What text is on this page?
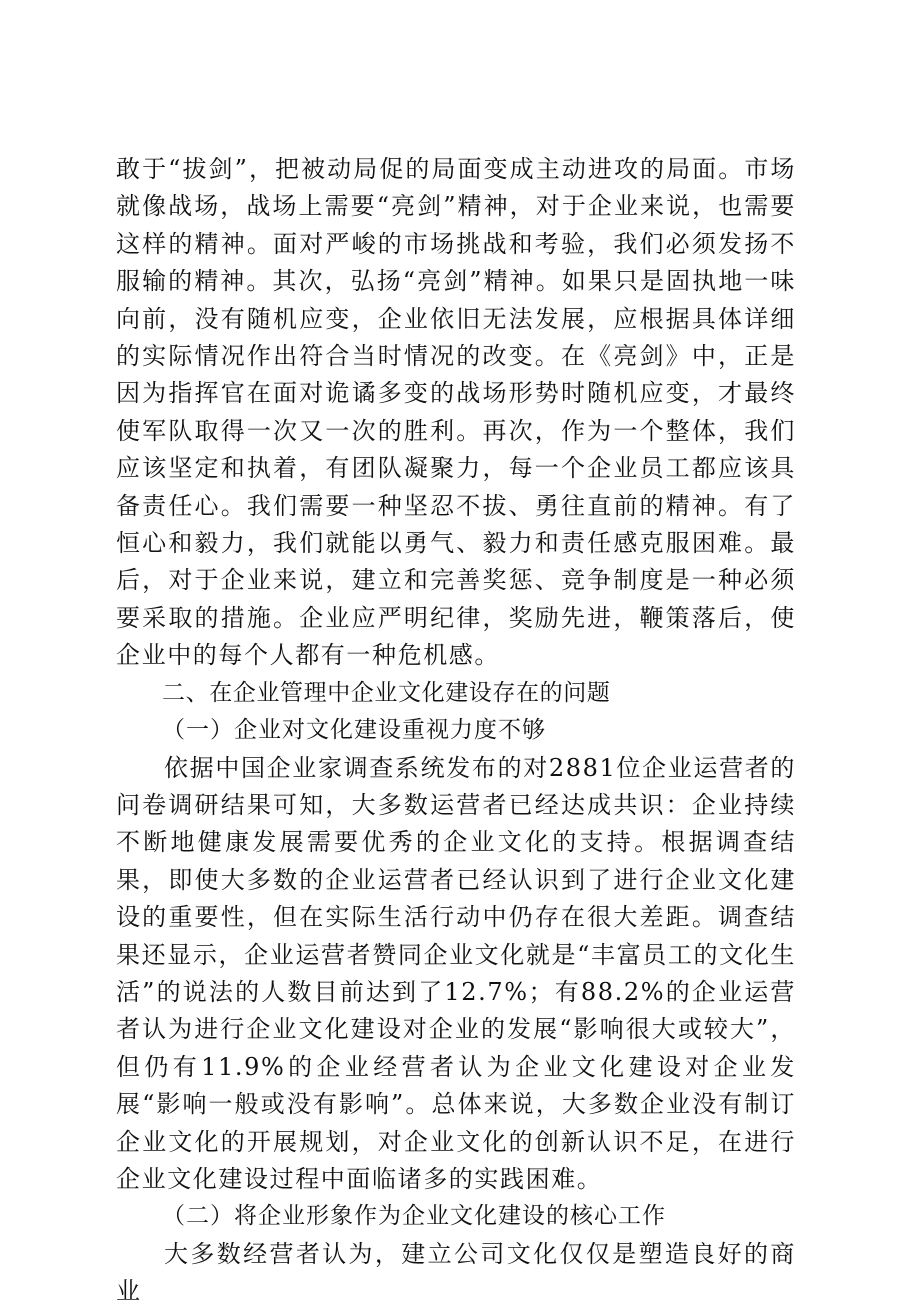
敢于“拔剑”，把被动局促的局面变成主动进攻的局面。市场就像战场，战场上需要“亮剑”精神，对于企业来说，也需要这样的精神。面对严峻的市场挑战和考验，我们必须发扬不服输的精神。其次，弘扬“亮剑”精神。如果只是固执地一味向前，没有随机应变，企业依旧无法发展，应根据具体详细的实际情况作出符合当时情况的改变。在《亮剑》中，正是因为指挥官在面对诡谲多变的战场形势时随机应变，才最终使军队取得一次又一次的胜利。再次，作为一个整体，我们应该坚定和执着，有团队凝聚力，每一个企业员工都应该具备责任心。我们需要一种坚忍不拔、勇往直前的精神。有了恒心和毅力，我们就能以勇气、毅力和责任感克服困难。最后，对于企业来说，建立和完善奖惩、竞争制度是一种必须要采取的措施。企业应严明纪律，奖励先进，鞭策落后，使企业中的每个人都有一种危机感。

二、在企业管理中企业文化建设存在的问题

（一）企业对文化建设重视力度不够

依据中国企业家调查系统发布的对2881位企业运营者的问卷调研结果可知，大多数运营者已经达成共识：企业持续不断地健康发展需要优秀的企业文化的支持。根据调查结果，即使大多数的企业运营者已经认识到了进行企业文化建设的重要性，但在实际生活行动中仍存在很大差距。调查结果还显示，企业运营者赞同企业文化就是“丰富员工的文化生活”的说法的人数目前达到了12.7%；有88.2%的企业运营者认为进行企业文化建设对企业的发展“影响很大或较大”，但仍有11.9%的企业经营者认为企业文化建设对企业发展“影响一般或没有影响”。总体来说，大多数企业没有制订企业文化的开展规划，对企业文化的创新认识不足，在进行企业文化建设过程中面临诸多的实践困难。

（二）将企业形象作为企业文化建设的核心工作

大多数经营者认为，建立公司文化仅仅是塑造良好的商业
